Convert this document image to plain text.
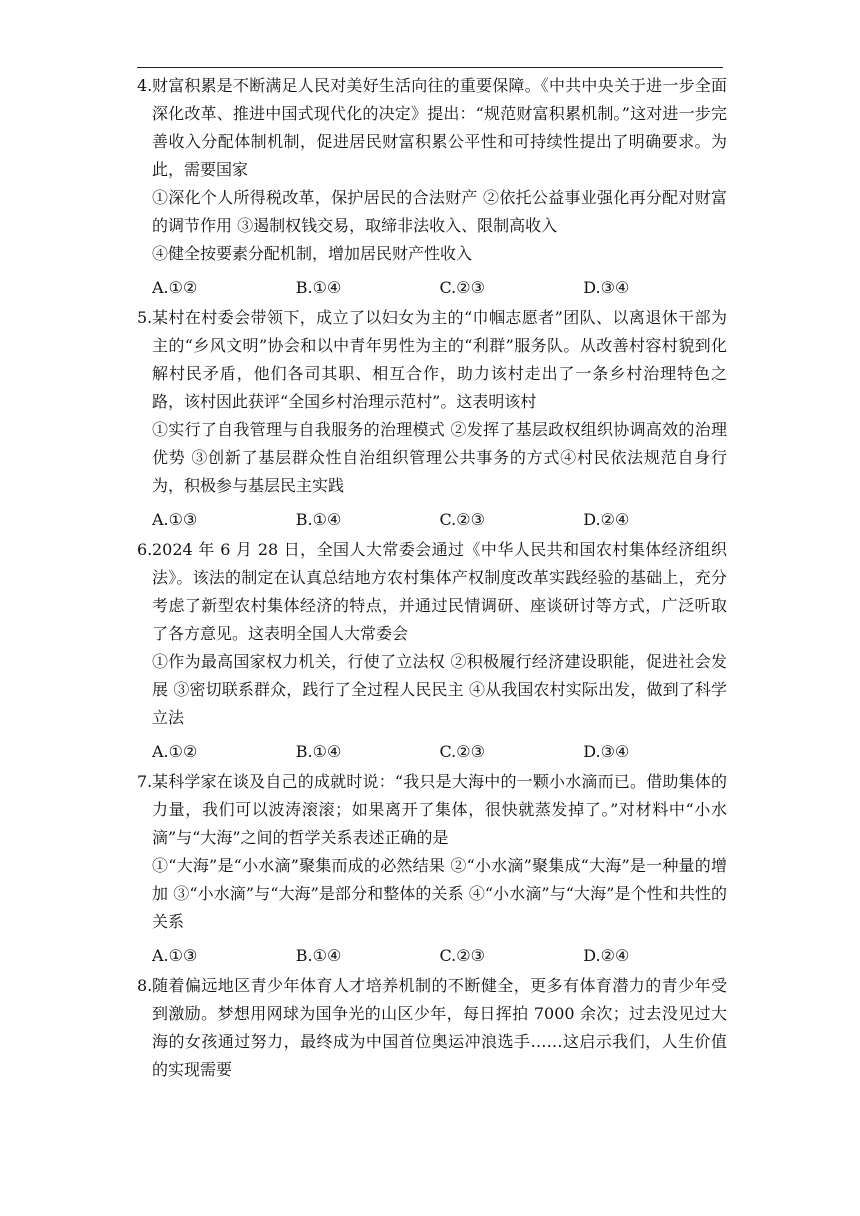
4. 财富积累是不断满足人民对美好生活向往的重要保障。《中共中央关于进一步全面深化改革、推进中国式现代化的决定》提出：“规范财富积累机制。”这对进一步完善收入分配体制机制，促进居民财富积累公平性和可持续性提出了明确要求。为此，需要国家
①深化个人所得税改革，保护居民的合法财产 ②依托公益事业强化再分配对财富的调节作用 ③遏制权钱交易，取缔非法收入、限制高收入
④健全按要素分配机制，增加居民财产性收入
A.①②	B.①④	C.②③	D.③④
5. 某村在村委会带领下，成立了以妇女为主的“巾帼志愿者”团队、以离退休干部为主的“乡风文明”协会和以中青年男性为主的“利群”服务队。从改善村容村貌到化解村民矛盾，他们各司其职、相互合作，助力该村走出了一条乡村治理特色之路，该村因此获评“全国乡村治理示范村”。这表明该村
①实行了自我管理与自我服务的治理模式 ②发挥了基层政权组织协调高效的治理优势 ③创新了基层群众性自治组织管理公共事务的方式④村民依法规范自身行为，积极参与基层民主实践
A.①③	B.①④	C.②③	D.②④
6. 2024 年 6 月 28 日，全国人大常委会通过《中华人民共和国农村集体经济组织法》。该法的制定在认真总结地方农村集体产权制度改革实践经验的基础上，充分考虑了新型农村集体经济的特点，并通过民情调研、座谈研讨等方式，广泛听取了各方意见。这表明全国人大常委会
①作为最高国家权力机关，行使了立法权 ②积极履行经济建设职能，促进社会发展 ③密切联系群众，践行了全过程人民民主 ④从我国农村实际出发，做到了科学立法
A.①②	B.①④	C.②③	D.③④
7. 某科学家在谈及自己的成就时说：“我只是大海中的一颗小水滴而已。借助集体的力量，我们可以波涛滚滚；如果离开了集体，很快就蒸发掉了。”对材料中“小水滴”与“大海”之间的哲学关系表述正确的是
①“大海”是“小水滴”聚集而成的必然结果 ②“小水滴”聚集成“大海”是一种量的增加 ③“小水滴”与“大海”是部分和整体的关系 ④“小水滴”与“大海”是个性和共性的关系
A.①③	B.①④	C.②③	D.②④
8. 随着偏远地区青少年体育人才培养机制的不断健全，更多有体育潜力的青少年受到激励。梦想用网球为国争光的山区少年，每日挥拍 7000 余次；过去没见过大海的女孩通过努力，最终成为中国首位奥运冲浪选手……这启示我们，人生价值的实现需要
